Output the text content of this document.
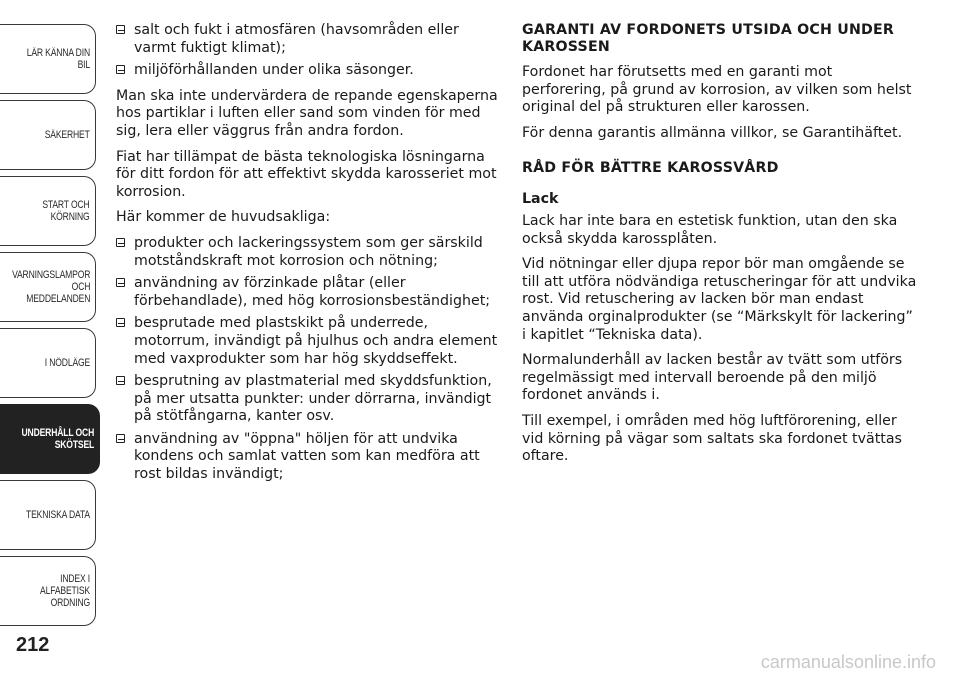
LÄR KÄNNA DIN BIL
SÄKERHET
START OCH
KÖRNING
VARNINGSLAMPOR
OCH
MEDDELANDEN
I NÖDLÄGE
UNDERHÅLL OCH
SKÖTSEL
TEKNISKA DATA
INDEX I ALFABETISK
ORDNING
212
salt och fukt i atmosfären (havsområden eller varmt fuktigt klimat);
miljöförhållanden under olika säsonger.

Man ska inte undervärdera de repande egenskaperna hos partiklar i luften eller sand som vinden för med sig, lera eller väggrus från andra fordon.

Fiat har tillämpat de bästa teknologiska lösningarna för ditt fordon för att effektivt skydda karosseriet mot korrosion.

Här kommer de huvudsakliga:

produkter och lackeringssystem som ger särskild motståndskraft mot korrosion och nötning;
användning av förzinkade plåtar (eller förbehandlade), med hög korrosionsbeständighet;
besprutade med plastskikt på underrede, motorrum, invändigt på hjulhus och andra element med vaxprodukter som har hög skyddseffekt.
besprutning av plastmaterial med skyddsfunktion, på mer utsatta punkter: under dörrarna, invändigt på stötfångarna, kanter osv.
användning av "öppna" höljen för att undvika kondens och samlat vatten som kan medföra att rost bildas invändigt;
GARANTI AV FORDONETS UTSIDA OCH UNDER KAROSSEN

Fordonet har förutsetts med en garanti mot perforering, på grund av korrosion, av vilken som helst original del på strukturen eller karossen.

För denna garantis allmänna villkor, se Garantihäftet.

RÅD FÖR BÄTTRE KAROSSVÅRD
Lack

Lack har inte bara en estetisk funktion, utan den ska också skydda karossplåten.

Vid nötningar eller djupa repor bör man omgående se till att utföra nödvändiga retuscheringar för att undvika rost. Vid retuschering av lacken bör man endast använda orginalprodukter (se “Märkskylt för lackering” i kapitlet “Tekniska data).

Normalunderhåll av lacken består av tvätt som utförs regelmässigt med intervall beroende på den miljö fordonet används i.

Till exempel, i områden med hög luftförorening, eller vid körning på vägar som saltats ska fordonet tvättas oftare.

carmanualsonline.info
